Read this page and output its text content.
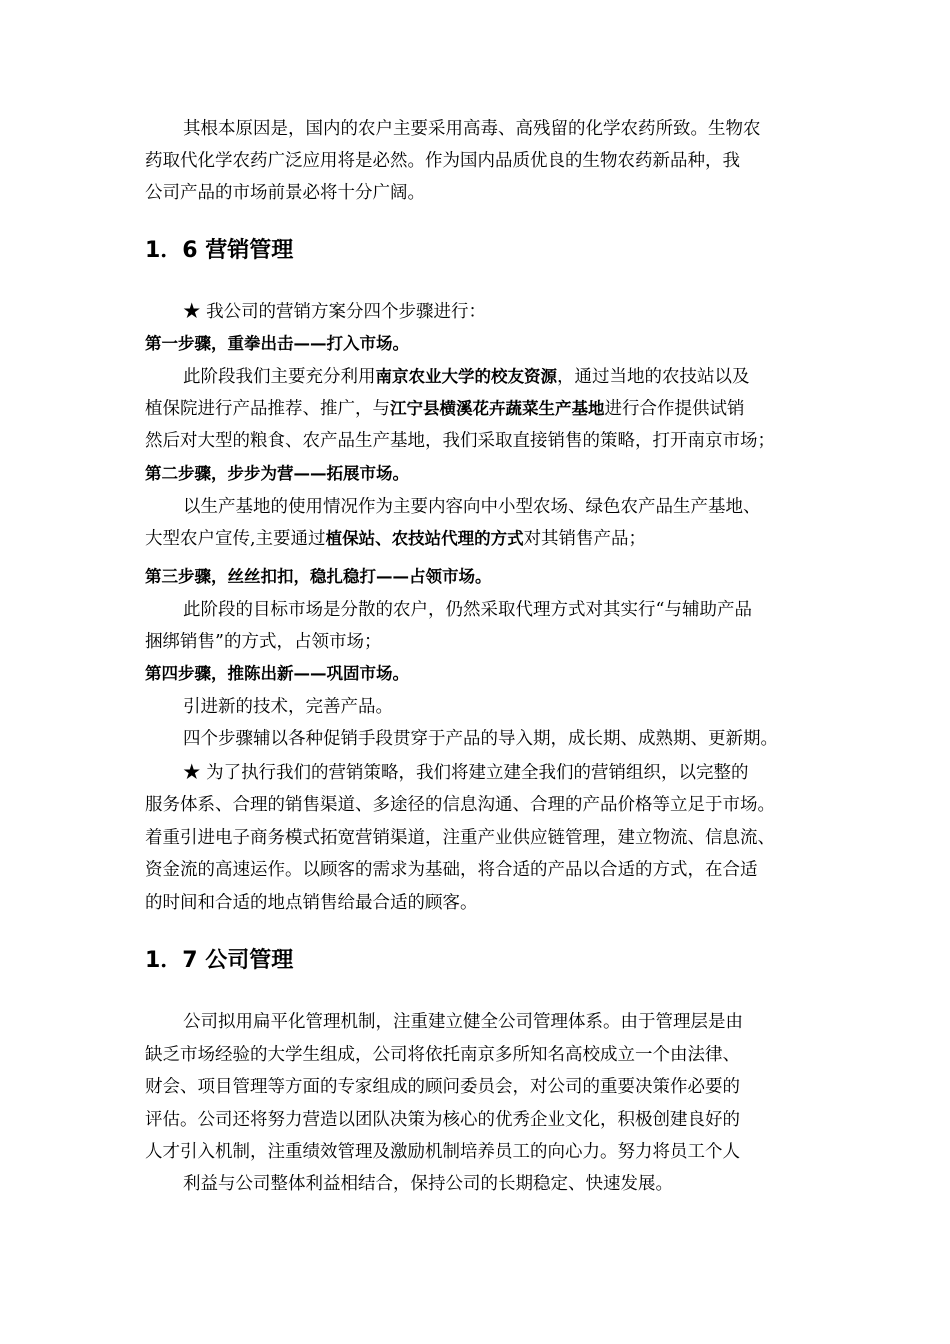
其根本原因是，国内的农户主要采用高毒、高残留的化学农药所致。生物农
药取代化学农药广泛应用将是必然。作为国内品质优良的生物农药新品种，我
公司产品的市场前景必将十分广阔。
1．6 营销管理
★ 我公司的营销方案分四个步骤进行：
第一步骤，重拳出击——打入市场。
此阶段我们主要充分利用南京农业大学的校友资源，通过当地的农技站以及
植保院进行产品推荐、推广，与江宁县横溪花卉蔬菜生产基地进行合作提供试销
然后对大型的粮食、农产品生产基地，我们采取直接销售的策略，打开南京市场；
第二步骤，步步为营——拓展市场。
以生产基地的使用情况作为主要内容向中小型农场、绿色农产品生产基地、
大型农户宣传,主要通过植保站、农技站代理的方式对其销售产品；
第三步骤，丝丝扣扣，稳扎稳打——占领市场。
此阶段的目标市场是分散的农户，仍然采取代理方式对其实行“与辅助产品
捆绑销售”的方式，占领市场；
第四步骤，推陈出新——巩固市场。
引进新的技术，完善产品。
四个步骤辅以各种促销手段贯穿于产品的导入期，成长期、成熟期、更新期。
★ 为了执行我们的营销策略，我们将建立建全我们的营销组织，以完整的
服务体系、合理的销售渠道、多途径的信息沟通、合理的产品价格等立足于市场。
着重引进电子商务模式拓宽营销渠道，注重产业供应链管理，建立物流、信息流、
资金流的高速运作。以顾客的需求为基础，将合适的产品以合适的方式，在合适
的时间和合适的地点销售给最合适的顾客。
1．7 公司管理
公司拟用扁平化管理机制，注重建立健全公司管理体系。由于管理层是由
缺乏市场经验的大学生组成，公司将依托南京多所知名高校成立一个由法律、
财会、项目管理等方面的专家组成的顾问委员会，对公司的重要决策作必要的
评估。公司还将努力营造以团队决策为核心的优秀企业文化，积极创建良好的
人才引入机制，注重绩效管理及激励机制培养员工的向心力。努力将员工个人
利益与公司整体利益相结合，保持公司的长期稳定、快速发展。
